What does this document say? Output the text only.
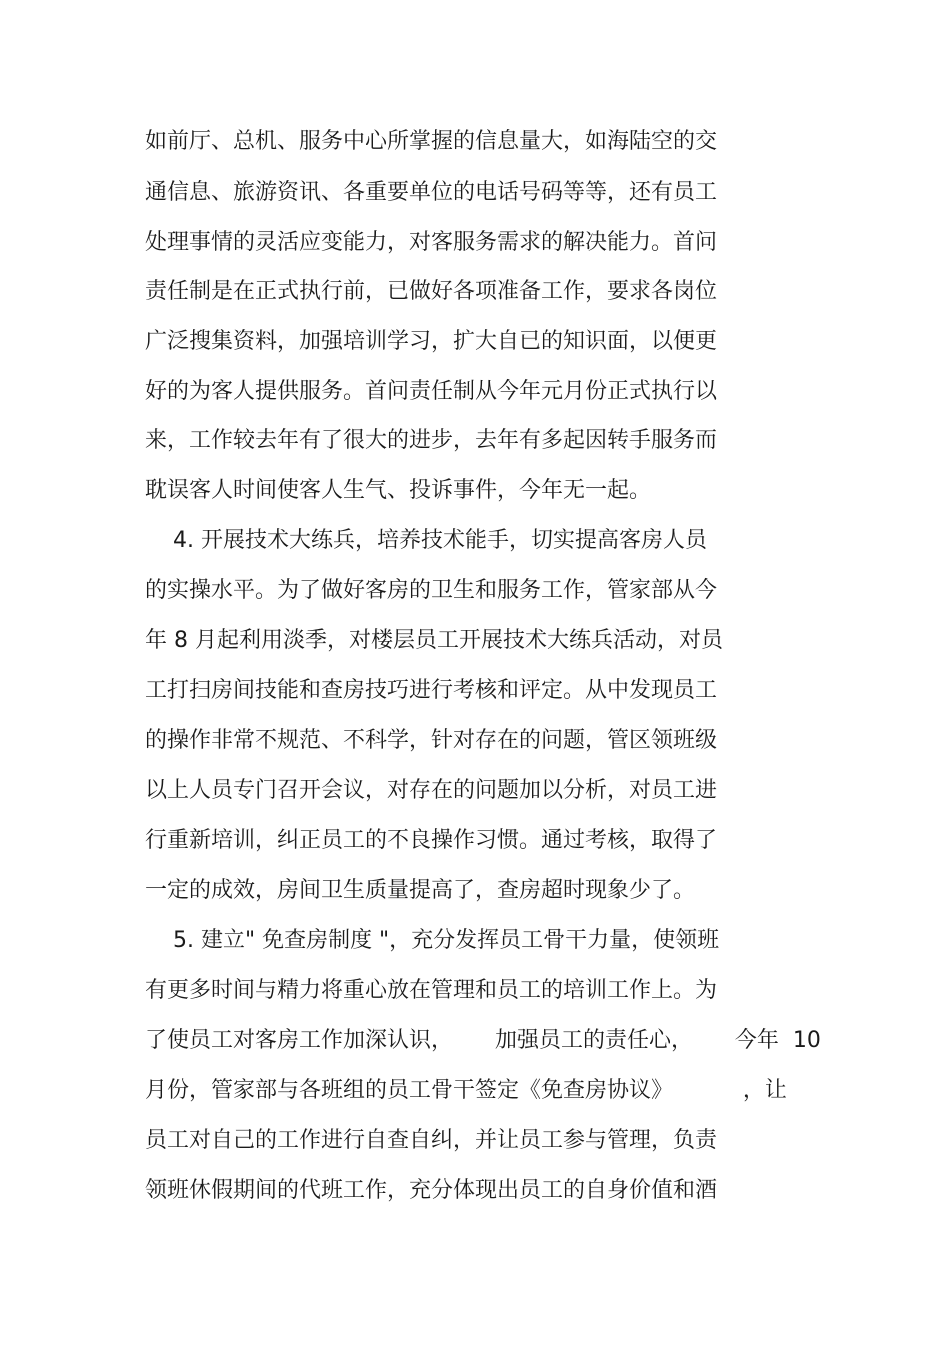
如前厅、总机、服务中心所掌握的信息量大，如海陆空的交

通信息、旅游资讯、各重要单位的电话号码等等，还有员工

处理事情的灵活应变能力，对客服务需求的解决能力。首问

责任制是在正式执行前，已做好各项准备工作，要求各岗位

广泛搜集资料，加强培训学习，扩大自已的知识面，以便更

好的为客人提供服务。首问责任制从今年元月份正式执行以

来，工作较去年有了很大的进步，去年有多起因转手服务而

耽误客人时间使客人生气、投诉事件，今年无一起。

4. 开展技术大练兵，培养技术能手，切实提高客房人员

的实操水平。为了做好客房的卫生和服务工作，管家部从今

年 8 月起利用淡季，对楼层员工开展技术大练兵活动，对员

工打扫房间技能和查房技巧进行考核和评定。从中发现员工

的操作非常不规范、不科学，针对存在的问题，管区领班级

以上人员专门召开会议，对存在的问题加以分析，对员工进

行重新培训，纠正员工的不良操作习惯。通过考核，取得了

一定的成效，房间卫生质量提高了，查房超时现象少了。

5. 建立" 免查房制度 "，充分发挥员工骨干力量，使领班

有更多时间与精力将重心放在管理和员工的培训工作上。为

了使员工对客房工作加深认识，      加强员工的责任心，      今年  10

月份，管家部与各班组的员工骨干签定《免查房协议》          ，让

员工对自己的工作进行自查自纠，并让员工参与管理，负责

领班休假期间的代班工作，充分体现出员工的自身价值和酒
